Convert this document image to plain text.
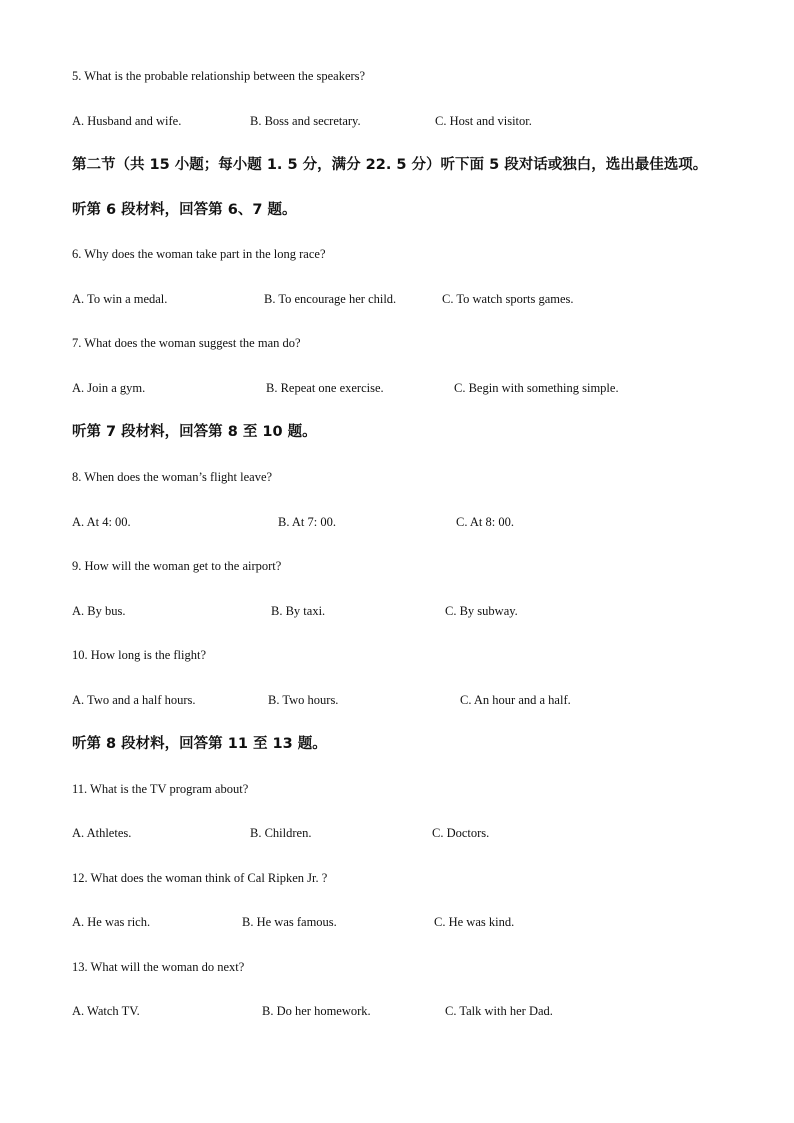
5. What is the probable relationship between the speakers?
A. Husband and wife.	B. Boss and secretary.	C. Host and visitor.
第二节（共 15 小题；每小题 1. 5 分，满分 22. 5 分）听下面 5 段对话或独白，选出最佳选项。
听第 6 段材料，回答第 6、7 题。
6. Why does the woman take part in the long race?
A. To win a medal.	B. To encourage her child.	C. To watch sports games.
7. What does the woman suggest the man do?
A. Join a gym.	B. Repeat one exercise.	C. Begin with something simple.
听第 7 段材料，回答第 8 至 10 题。
8. When does the woman’s flight leave?
A. At 4: 00.	B. At 7: 00.	C. At 8: 00.
9. How will the woman get to the airport?
A. By bus.	B. By taxi.	C. By subway.
10. How long is the flight?
A. Two and a half hours.	B. Two hours.	C. An hour and a half.
听第 8 段材料，回答第 11 至 13 题。
11. What is the TV program about?
A. Athletes.	B. Children.	C. Doctors.
12. What does the woman think of Cal Ripken Jr. ?
A. He was rich.	B. He was famous.	C. He was kind.
13. What will the woman do next?
A. Watch TV.	B. Do her homework.	C. Talk with her Dad.
